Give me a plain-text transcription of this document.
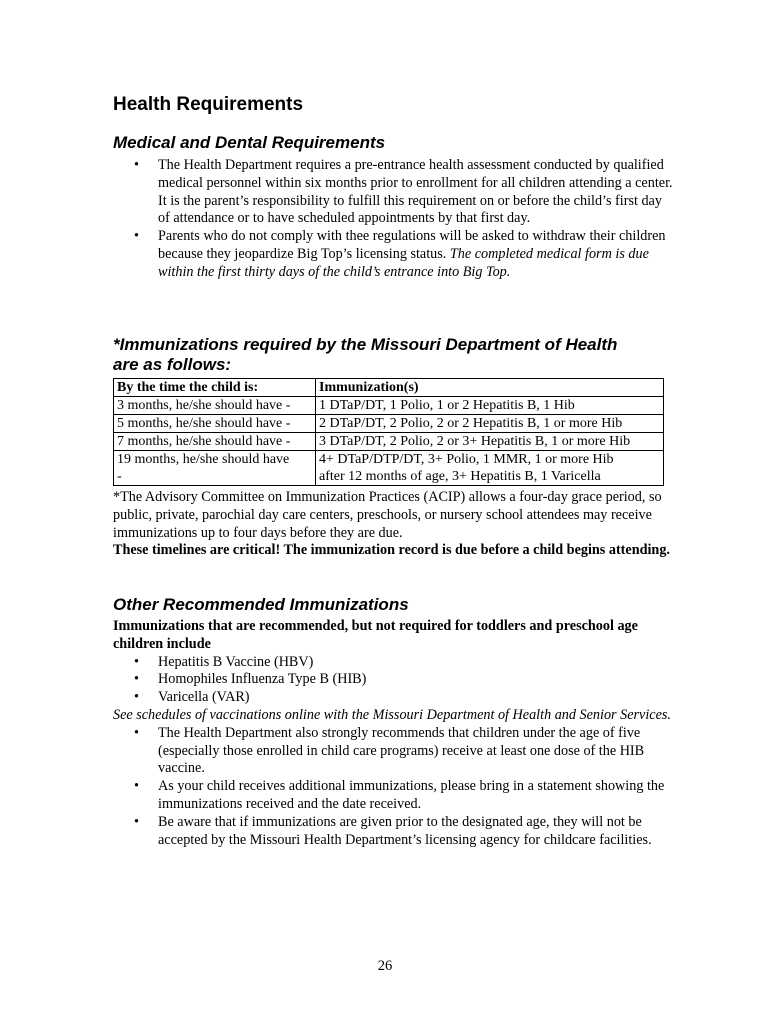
Health Requirements
Medical and Dental Requirements
• The Health Department requires a pre-entrance health assessment conducted by qualified medical personnel within six months prior to enrollment for all children attending a center. It is the parent’s responsibility to fulfill this requirement on or before the child’s first day of attendance or to have scheduled appointments by that first day.
• Parents who do not comply with thee regulations will be asked to withdraw their children because they jeopardize Big Top’s licensing status. The completed medical form is due within the first thirty days of the child’s entrance into Big Top.
*Immunizations required by the Missouri Department of Health
are as follows:
By the time the child is:	Immunization(s)
3 months, he/she should have -	1 DTaP/DT, 1 Polio, 1 or 2 Hepatitis B, 1 Hib
5 months, he/she should have -	2 DTaP/DT, 2 Polio, 2 or 2 Hepatitis B, 1 or more Hib
7 months, he/she should have -	3 DTaP/DT, 2 Polio, 2 or 3+ Hepatitis B, 1 or more Hib
19 months, he/she should have
-	4+ DTaP/DTP/DT, 3+ Polio, 1 MMR, 1 or more Hib
after 12 months of age, 3+ Hepatitis B, 1 Varicella
*The Advisory Committee on Immunization Practices (ACIP) allows a four-day grace period, so public, private, parochial day care centers, preschools, or nursery school attendees may receive immunizations up to four days before they are due.
These timelines are critical! The immunization record is due before a child begins attending.
Other Recommended Immunizations

Immunizations that are recommended, but not required for toddlers and preschool age children include

• Hepatitis B Vaccine (HBV)
• Homophiles Influenza Type B (HIB)
• Varicella (VAR)

See schedules of vaccinations online with the Missouri Department of Health and Senior Services.

• The Health Department also strongly recommends that children under the age of five (especially those enrolled in child care programs) receive at least one dose of the HIB vaccine.
• As your child receives additional immunizations, please bring in a statement showing the immunizations received and the date received.
• Be aware that if immunizations are given prior to the designated age, they will not be accepted by the Missouri Health Department’s licensing agency for childcare facilities.
26
